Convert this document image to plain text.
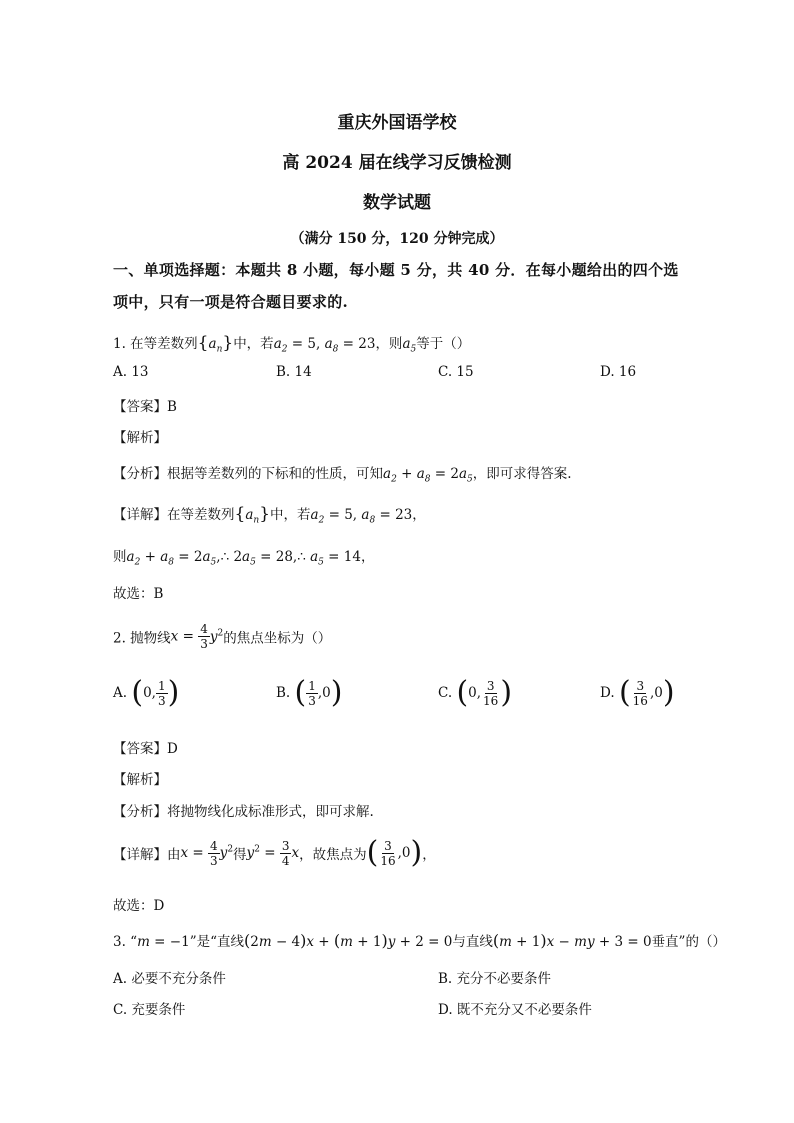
重庆外国语学校
高 2024 届在线学习反馈检测
数学试题
（满分 150 分，120 分钟完成）
一、单项选择题：本题共 8 小题，每小题 5 分，共 40 分．在每小题给出的四个选
项中，只有一项是符合题目要求的.
1. 在等差数列$\{a_n\}$中，若$a_2 = 5$, $a_8 = 23$，则$a_5$等于（）
A. 13	B. 14	C. 15	D. 16
【答案】B
【解析】
【分析】根据等差数列的下标和的性质，可知$a_2 + a_8 = 2a_5$，即可求得答案.
【详解】在等差数列$\{a_n\}$中，若$a_2 = 5$, $a_8 = 23$，
则$a_2 + a_8$ = $2a_5,\therefore$ $2a_5$ = 28,∴ $a_5 = 14$，
故选：B
2. 抛物线$x = \frac{4}{3} y^2$的焦点坐标为（）
A. (0, $\frac{1}{3}$ )	B. ( $\frac{1}{3} ,0$)	C. (0, $\frac{3}{16}$ )	D. ( $\frac{3}{16} ,0$)
【答案】D
【解析】
【分析】将抛物线化成标准形式，即可求解.
【详解】由$x = \frac{4}{3} y^2$得$y^2 = \frac{3}{4}$ x，故焦点为( $\frac{3}{16} ,0$)，
故选：D
3. “m = −1”是“直线(2m − 4)x + (m + 1)y + 2 = 0与直线(m + 1)x − my + 3 = 0垂直”的（）
A. 必要不充分条件	B. 充分不必要条件
C. 充要条件	D. 既不充分又不必要条件
